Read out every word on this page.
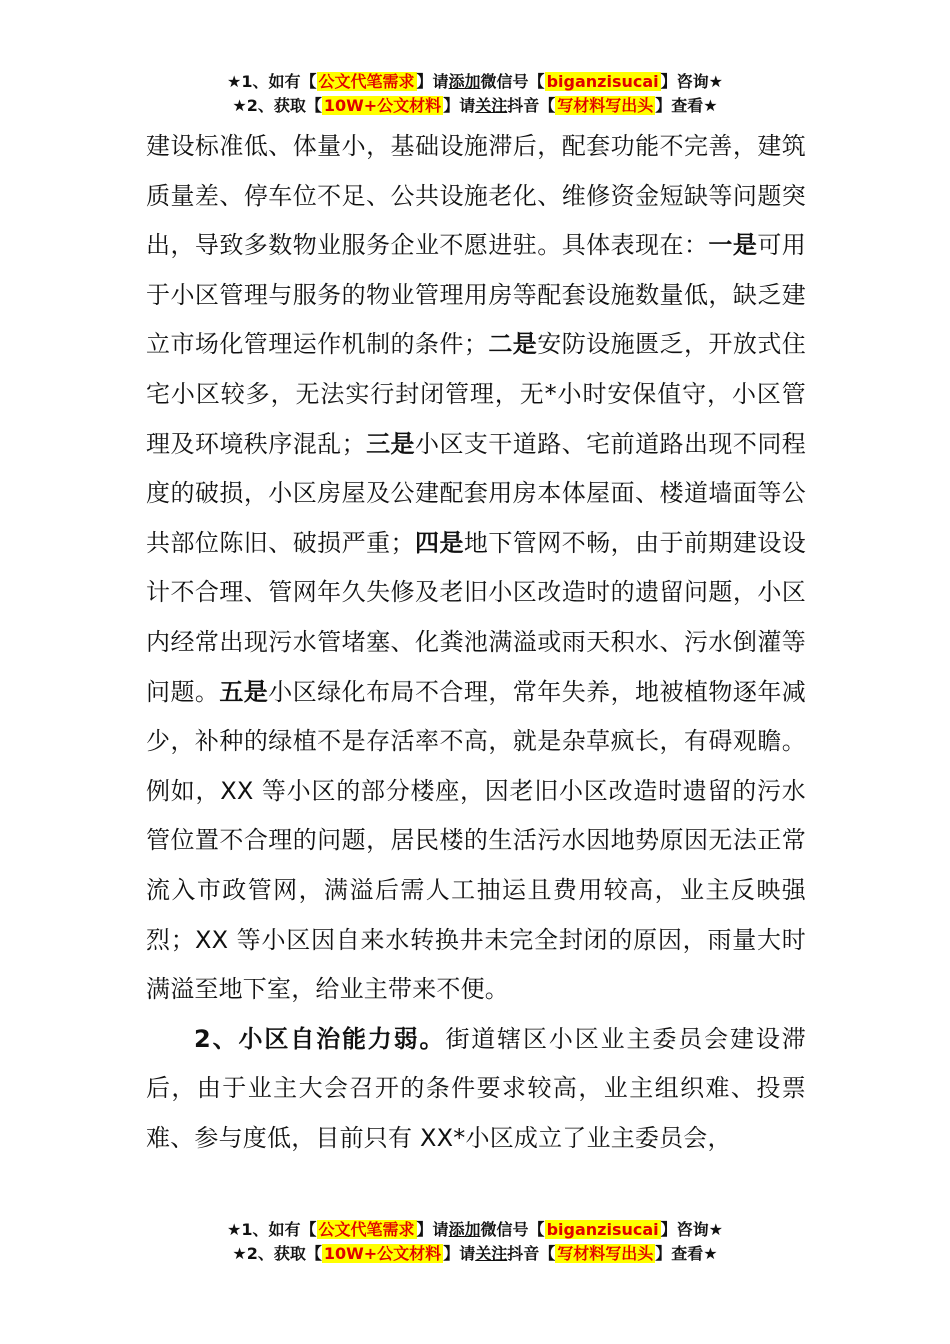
★1、如有【 公文代笔需求 】请添加微信号【 biganzisucai 】咨询★
★2、获取【 10W+公文材料 】请关注抖音【 写材料写出头 】查看★

建设标准低、体量小，基础设施滞后，配套功能不完善，建筑质量差、停车位不足、公共设施老化、维修资金短缺等问题突出，导致多数物业服务企业不愿进驻。具体表现在：一是可用于小区管理与服务的物业管理用房等配套设施数量低，缺乏建立市场化管理运作机制的条件；二是安防设施匮乏，开放式住宅小区较多，无法实行封闭管理，无*小时安保值守，小区管理及环境秩序混乱；三是小区支干道路、宅前道路出现不同程度的破损，小区房屋及公建配套用房本体屋面、楼道墙面等公共部位陈旧、破损严重；四是地下管网不畅，由于前期建设设计不合理、管网年久失修及老旧小区改造时的遗留问题，小区内经常出现污水管堵塞、化粪池满溢或雨天积水、污水倒灌等问题。五是小区绿化布局不合理，常年失养，地被植物逐年减少，补种的绿植不是存活率不高，就是杂草疯长，有碍观瞻。例如，XX 等小区的部分楼座，因老旧小区改造时遗留的污水管位置不合理的问题，居民楼的生活污水因地势原因无法正常流入市政管网，满溢后需人工抽运且费用较高，业主反映强烈；XX 等小区因自来水转换井未完全封闭的原因，雨量大时满溢至地下室，给业主带来不便。

2、小区自治能力弱。街道辖区小区业主委员会建设滞后，由于业主大会召开的条件要求较高，业主组织难、投票难、参与度低，目前只有 XX*小区成立了业主委员会，

★1、如有【 公文代笔需求 】请添加微信号【 biganzisucai 】咨询★
★2、获取【 10W+公文材料 】请关注抖音【 写材料写出头 】查看★
